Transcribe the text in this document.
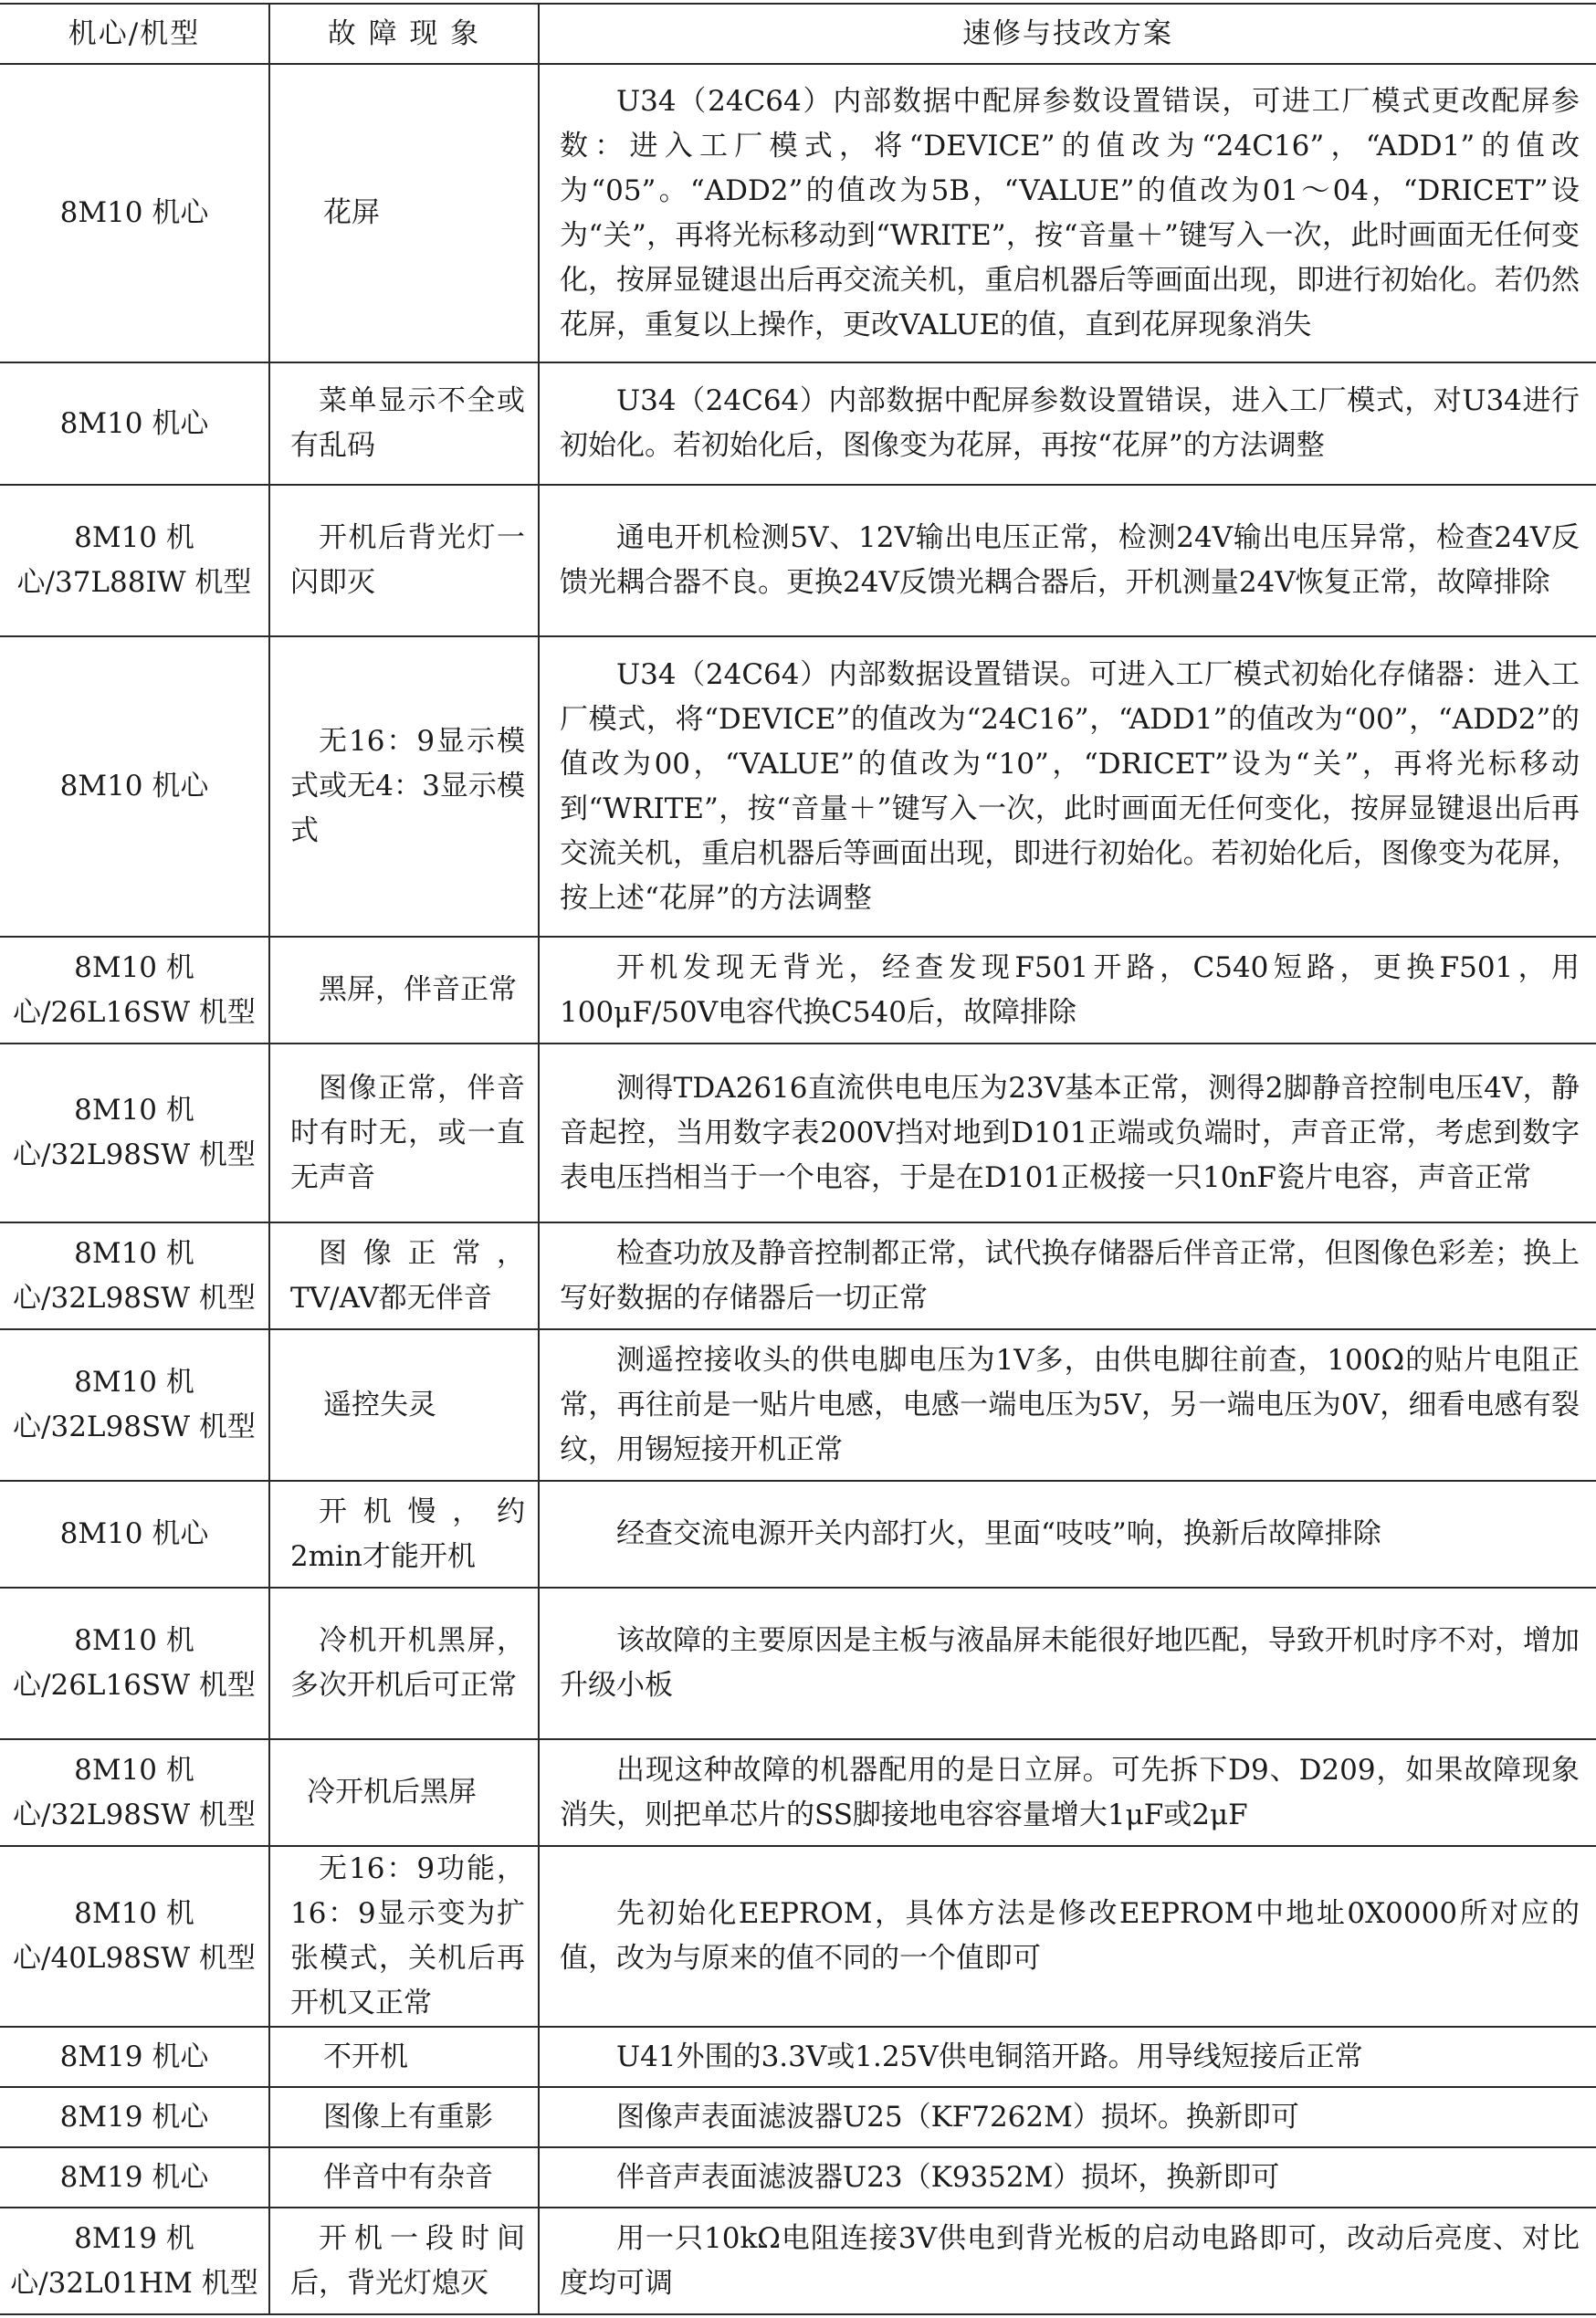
机心/机型	故 障 现 象	速修与技改方案
8M10 机心	花屏	U34（24C64）内部数据中配屏参数设置错误，可进工厂模式更改配屏参数：进入工厂模式，将“DEVICE”的值改为“24C16”，“ADD1”的值改为“05”。“ADD2”的值改为5B，“VALUE”的值改为01～04，“DRICET”设为“关”，再将光标移动到“WRITE”，按“音量＋”键写入一次，此时画面无任何变化，按屏显键退出后再交流关机，重启机器后等画面出现，即进行初始化。若仍然花屏，重复以上操作，更改VALUE的值，直到花屏现象消失

8M10 机心	菜单显示不全或有乱码	U34（24C64）内部数据中配屏参数设置错误，进入工厂模式，对U34进行初始化。若初始化后，图像变为花屏，再按“花屏”的方法调整

8M10 机心/37L88IW 机型	开机后背光灯一闪即灭	通电开机检测5V、12V输出电压正常，检测24V输出电压异常，检查24V反馈光耦合器不良。更换24V反馈光耦合器后，开机测量24V恢复正常，故障排除

8M10 机心	无16：9显示模式或无4：3显示模式	U34（24C64）内部数据设置错误。可进入工厂模式初始化存储器：进入工厂模式，将“DEVICE”的值改为“24C16”，“ADD1”的值改为“00”，“ADD2”的值改为00，“VALUE”的值改为“10”，“DRICET”设为“关”，再将光标移动到“WRITE”，按“音量＋”键写入一次，此时画面无任何变化，按屏显键退出后再交流关机，重启机器后等画面出现，即进行初始化。若初始化后，图像变为花屏，按上述“花屏”的方法调整

8M10 机心/26L16SW 机型	黑屏，伴音正常	开机发现无背光，经查发现F501开路，C540短路，更换F501，用100μF/50V电容代换C540后，故障排除

8M10 机心/32L98SW 机型	图像正常，伴音时有时无，或一直无声音	测得TDA2616直流供电电压为23V基本正常，测得2脚静音控制电压4V，静音起控，当用数字表200V挡对地到D101正端或负端时，声音正常，考虑到数字表电压挡相当于一个电容，于是在D101正极接一只10nF瓷片电容，声音正常

8M10 机心/32L98SW 机型	图像正常，TV/AV都无伴音	检查功放及静音控制都正常，试代换存储器后伴音正常，但图像色彩差；换上写好数据的存储器后一切正常

8M10 机心/32L98SW 机型	遥控失灵	测遥控接收头的供电脚电压为1V多，由供电脚往前查，100Ω的贴片电阻正常，再往前是一贴片电感，电感一端电压为5V，另一端电压为0V，细看电感有裂纹，用锡短接开机正常

8M10 机心	开机慢，约2min才能开机	经查交流电源开关内部打火，里面“吱吱”响，换新后故障排除

8M10 机心/26L16SW 机型	冷机开机黑屏，多次开机后可正常	该故障的主要原因是主板与液晶屏未能很好地匹配，导致开机时序不对，增加升级小板

8M10 机心/32L98SW 机型	冷开机后黑屏	出现这种故障的机器配用的是日立屏。可先拆下D9、D209，如果故障现象消失，则把单芯片的SS脚接地电容容量增大1μF或2μF

8M10 机心/40L98SW 机型	无16：9功能，16：9显示变为扩张模式，关机后再开机又正常	先初始化EEPROM，具体方法是修改EEPROM中地址0X0000所对应的值，改为与原来的值不同的一个值即可

8M19 机心	不开机	U41外围的3.3V或1.25V供电铜箔开路。用导线短接后正常

8M19 机心	图像上有重影	图像声表面滤波器U25（KF7262M）损坏。换新即可

8M19 机心	伴音中有杂音	伴音声表面滤波器U23（K9352M）损坏，换新即可

8M19 机心/32L01HM 机型	开机一段时间后，背光灯熄灭	用一只10kΩ电阻连接3V供电到背光板的启动电路即可，改动后亮度、对比度均可调
